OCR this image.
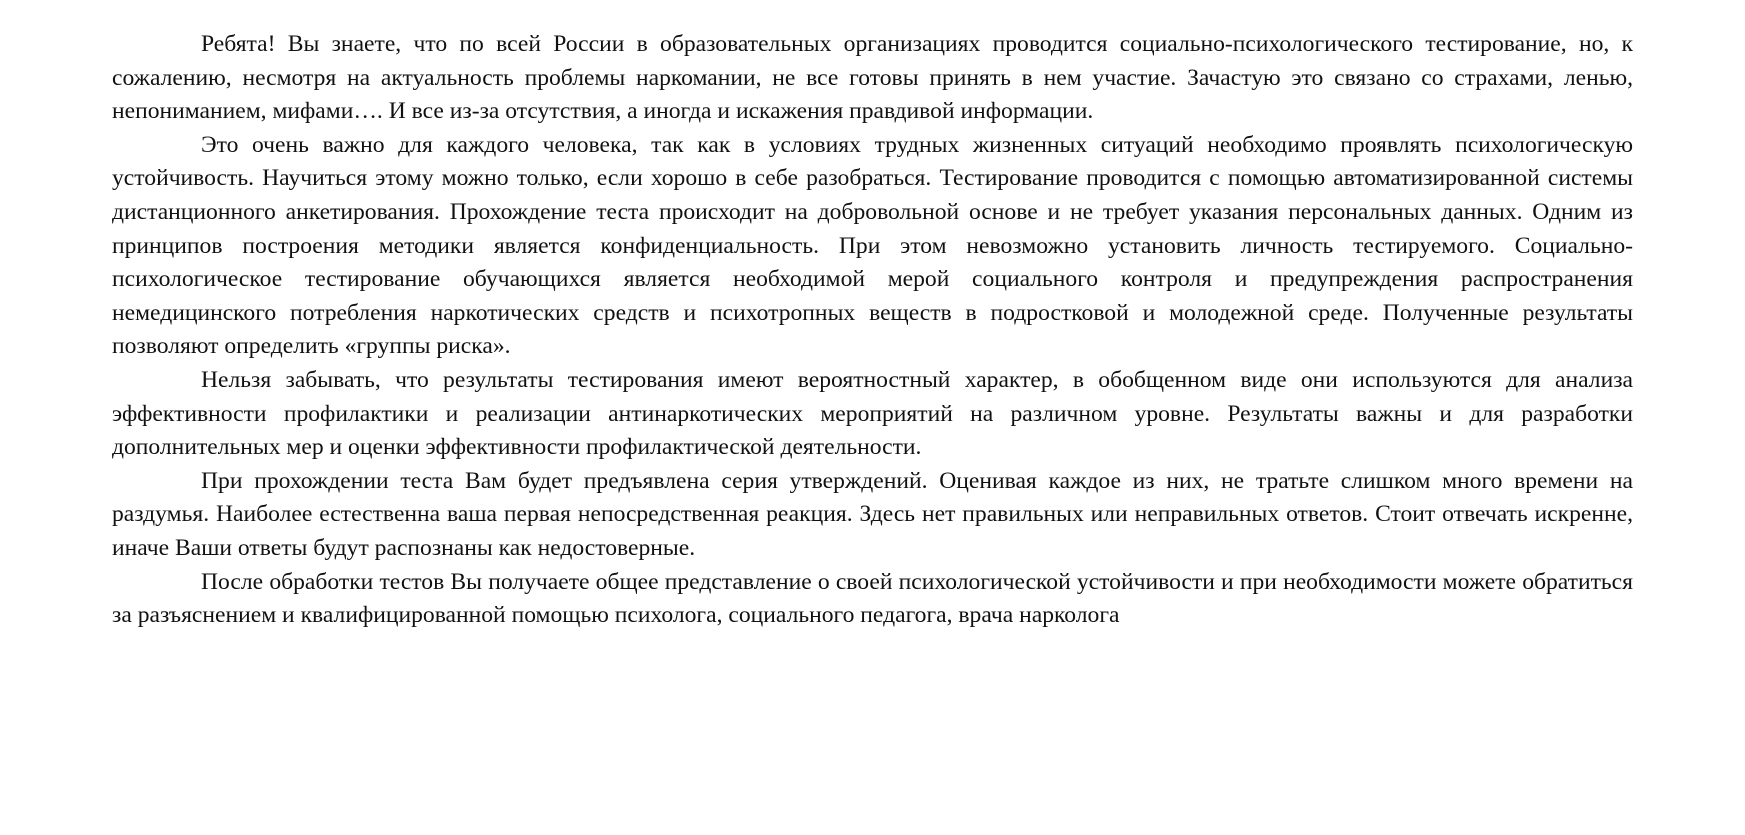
Ребята! Вы знаете, что по всей России в образовательных организациях проводится социально-психологического тестирование, но, к сожалению, несмотря на актуальность проблемы наркомании, не все готовы принять в нем участие. Зачастую это связано со страхами, ленью, непониманием, мифами…. И все из-за отсутствия, а иногда и искажения правдивой информации.

Это очень важно для каждого человека, так как в условиях трудных жизненных ситуаций необходимо проявлять психологическую устойчивость. Научиться этому можно только, если хорошо в себе разобраться. Тестирование проводится с помощью автоматизированной системы дистанционного анкетирования. Прохождение теста происходит на добровольной основе и не требует указания персональных данных. Одним из принципов построения методики является конфиденциальность. При этом невозможно установить личность тестируемого. Социально-психологическое тестирование обучающихся является необходимой мерой социального контроля и предупреждения распространения немедицинского потребления наркотических средств и психотропных веществ в подростковой и молодежной среде. Полученные результаты позволяют определить «группы риска».

Нельзя забывать, что результаты тестирования имеют вероятностный характер, в обобщенном виде они используются для анализа эффективности профилактики и реализации антинаркотических мероприятий на различном уровне. Результаты важны и для разработки дополнительных мер и оценки эффективности профилактической деятельности.

При прохождении теста Вам будет предъявлена серия утверждений. Оценивая каждое из них, не тратьте слишком много времени на раздумья. Наиболее естественна ваша первая непосредственная реакция. Здесь нет правильных или неправильных ответов. Стоит отвечать искренне, иначе Ваши ответы будут распознаны как недостоверные.

После обработки тестов Вы получаете общее представление о своей психологической устойчивости и при необходимости можете обратиться за разъяснением и квалифицированной помощью психолога, социального педагога, врача нарколога
